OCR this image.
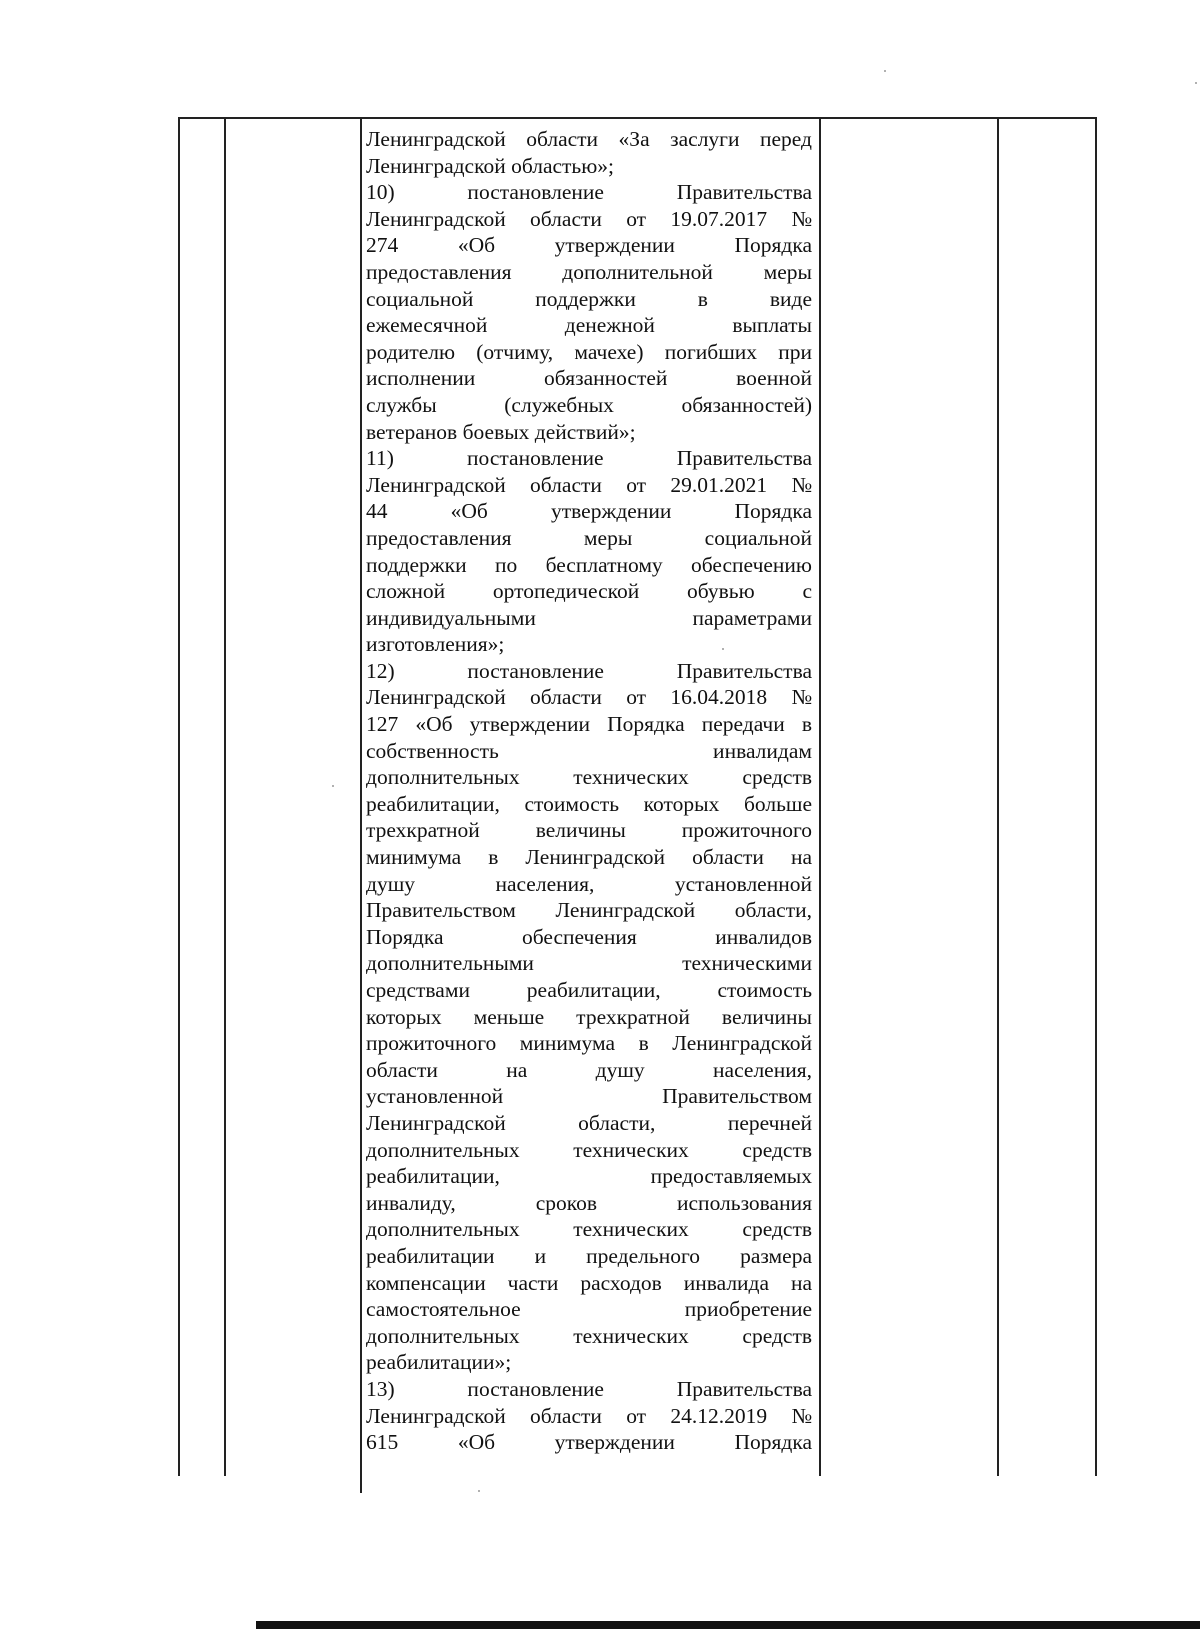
Ленинградской области «За заслуги перед
Ленинградской областью»;
10) постановление Правительства
Ленинградской области от 19.07.2017 №
274 «Об утверждении Порядка
предоставления дополнительной меры
социальной поддержки в виде
ежемесячной денежной выплаты
родителю (отчиму, мачехе) погибших при
исполнении обязанностей военной
службы (служебных обязанностей)
ветеранов боевых действий»;
11) постановление Правительства
Ленинградской области от 29.01.2021 №
44 «Об утверждении Порядка
предоставления меры социальной
поддержки по бесплатному обеспечению
сложной ортопедической обувью с
индивидуальными параметрами
изготовления»;
12) постановление Правительства
Ленинградской области от 16.04.2018 №
127 «Об утверждении Порядка передачи в
собственность инвалидам
дополнительных технических средств
реабилитации, стоимость которых больше
трехкратной величины прожиточного
минимума в Ленинградской области на
душу населения, установленной
Правительством Ленинградской области,
Порядка обеспечения инвалидов
дополнительными техническими
средствами реабилитации, стоимость
которых меньше трехкратной величины
прожиточного минимума в Ленинградской
области на душу населения,
установленной Правительством
Ленинградской области, перечней
дополнительных технических средств
реабилитации, предоставляемых
инвалиду, сроков использования
дополнительных технических средств
реабилитации и предельного размера
компенсации части расходов инвалида на
самостоятельное приобретение
дополнительных технических средств
реабилитации»;
13) постановление Правительства
Ленинградской области от 24.12.2019 №
615 «Об утверждении Порядка
